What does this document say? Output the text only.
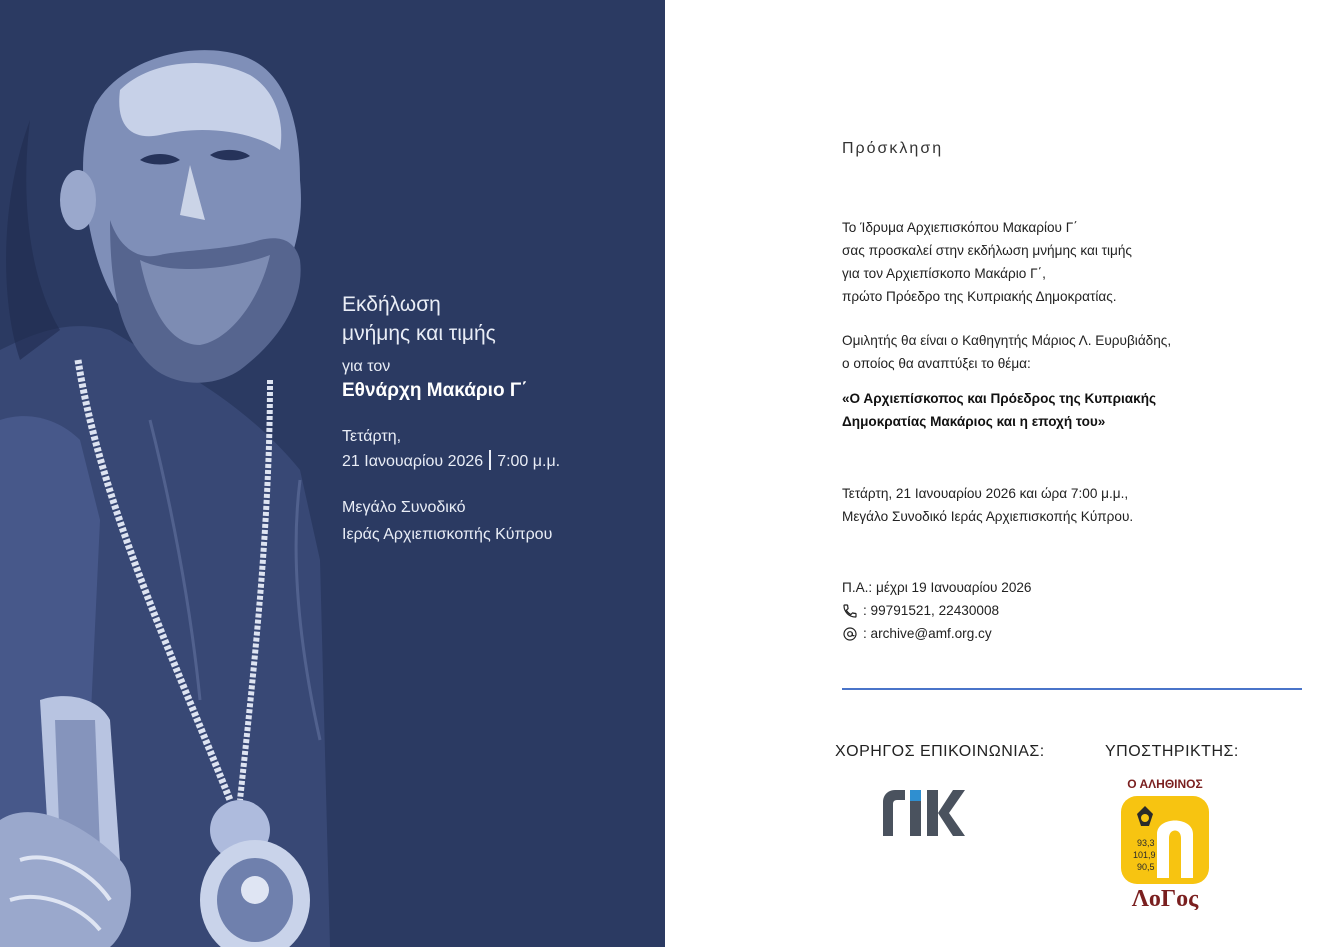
Εκδήλωση
μνήμης και τιμής
για τον
Εθνάρχη Μακάριο Γ΄
Τετάρτη,
21 Ιανουαρίου 2026 7:00 μ.μ.
Μεγάλο Συνοδικό
Ιεράς Αρχιεπισκοπής Κύπρου
Πρόσκληση
Το Ίδρυμα Αρχιεπισκόπου Μακαρίου Γ΄
σας προσκαλεί στην εκδήλωση μνήμης και τιμής
για τον Αρχιεπίσκοπο Μακάριο Γ΄,
πρώτο Πρόεδρο της Κυπριακής Δημοκρατίας.
Ομιλητής θα είναι ο Καθηγητής Μάριος Λ. Ευρυβιάδης,
ο οποίος θα αναπτύξει το θέμα:
«Ο Αρχιεπίσκοπος και Πρόεδρος της Κυπριακής
Δημοκρατίας Μακάριος και η εποχή του»
Τετάρτη, 21 Ιανουαρίου 2026 και ώρα 7:00 μ.μ.,
Μεγάλο Συνοδικό Ιεράς Αρχιεπισκοπής Κύπρου.
Π.Α.: μέχρι 19 Ιανουαρίου 2026
: 99791521, 22430008
: archive@amf.org.cy
ΧΟΡΗΓΟΣ ΕΠΙΚΟΙΝΩΝΙΑΣ:	ΥΠΟΣΤΗΡΙΚΤΗΣ:
Ο ΑΛΗΘΙΝΟΣ
93,3
101,9
90,5
ΛοΓος
